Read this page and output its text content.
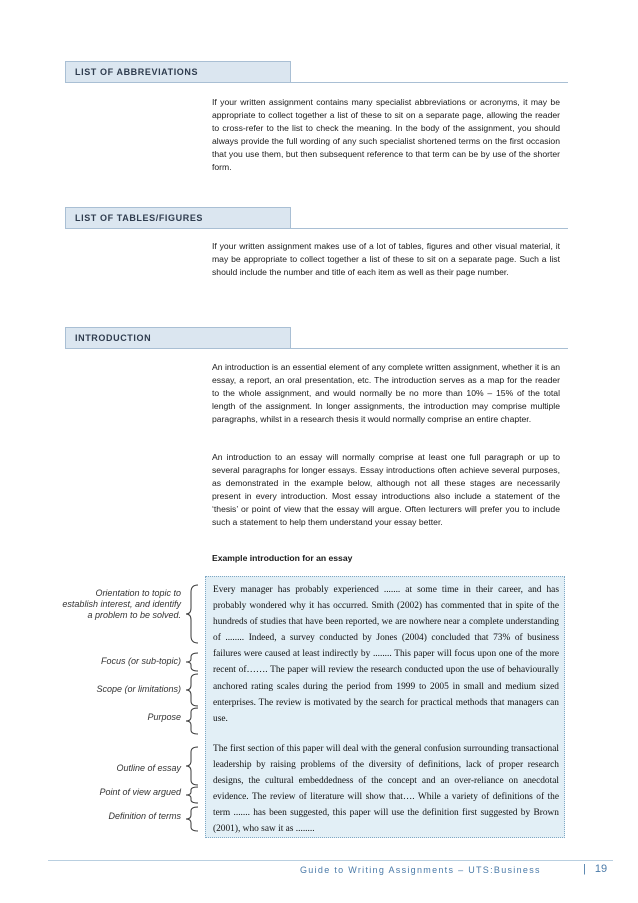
LIST OF ABBREVIATIONS

If your written assignment contains many specialist abbreviations or acronyms, it may be appropriate to collect together a list of these to sit on a separate page, allowing the reader to cross-refer to the list to check the meaning. In the body of the assignment, you should always provide the full wording of any such specialist shortened terms on the first occasion that you use them, but then subsequent reference to that term can be by use of the shorter form.

LIST OF TABLES/FIGURES

If your written assignment makes use of a lot of tables, figures and other visual material, it may be appropriate to collect together a list of these to sit on a separate page. Such a list should include the number and title of each item as well as their page number.

INTRODUCTION

An introduction is an essential element of any complete written assignment, whether it is an essay, a report, an oral presentation, etc. The introduction serves as a map for the reader to the whole assignment, and would normally be no more than 10% – 15% of the total length of the assignment. In longer assignments, the introduction may comprise multiple paragraphs, whilst in a research thesis it would normally comprise an entire chapter.

An introduction to an essay will normally comprise at least one full paragraph or up to several paragraphs for longer essays. Essay introductions often achieve several purposes, as demonstrated in the example below, although not all these stages are necessarily present in every introduction. Most essay introductions also include a statement of the ‘thesis’ or point of view that the essay will argue. Often lecturers will prefer you to include such a statement to help them understand your essay better.

Example introduction for an essay

Every manager has probably experienced ....... at some time in their career, and has probably wondered why it has occurred. Smith (2002) has commented that in spite of the hundreds of studies that have been reported, we are nowhere near a complete understanding of ........ Indeed, a survey conducted by Jones (2004) concluded that 73% of business failures were caused at least indirectly by ........ This paper will focus upon one of the more recent of……. The paper will review the research conducted upon the use of behaviourally anchored rating scales during the period from 1999 to 2005 in small and medium sized enterprises. The review is motivated by the search for practical methods that managers can use.

The first section of this paper will deal with the general confusion surrounding transactional leadership by raising problems of the diversity of definitions, lack of proper research designs, the cultural embeddedness of the concept and an over-reliance on anecdotal evidence. The review of literature will show that…. While a variety of definitions of the term ....... has been suggested, this paper will use the definition first suggested by Brown (2001), who saw it as ........

Orientation to topic to establish interest, and identify a problem to be solved.
Focus (or sub-topic)
Scope (or limitations)
Purpose
Outline of essay
Point of view argued
Definition of terms
Guide to Writing Assignments – UTS:Business	| 19
